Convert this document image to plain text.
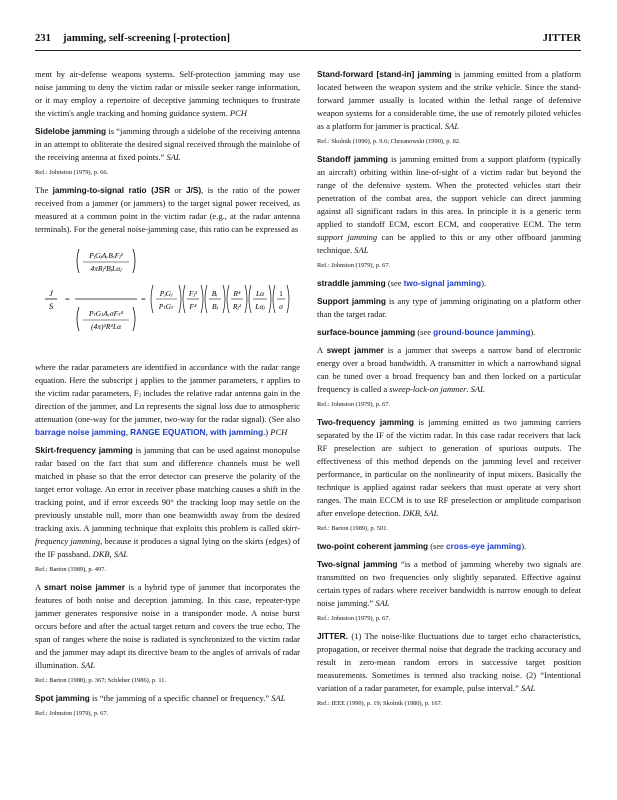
231 jamming, self-screening [-protection]	JITTER

ment by air-defense weapons systems. Self-protection jamming may use noise jamming to deny the victim radar or missile seeker range information, or it may employ a repertoire of deceptive jamming techniques to frustrate the victim's angle tracking and homing guidance system. PCH

Sidelobe jamming is “jamming through a sidelobe of the receiving antenna in an attempt to obliterate the desired signal received through the mainlobe of the receiving antenna at fixed points.” SAL

Ref.: Johnston (1979), p. 66.

The jamming-to-signal ratio (JSR or J/S), is the ratio of the power received from a jammer (or jammers) to the target signal power received, as measured at a common point in the victim radar (e.g., at the radar antenna terminals). For the general noise-jamming case, this ratio can be expressed as

J
S
=
PⱼGⱼAᵣBᵣFⱼ²
4πRⱼ²BⱼLαⱼ
PₜGₜAᵣσFₜ⁴
(4π)²R⁴Lα
=
PⱼGⱼ
PₜGₜ
Fⱼ²
F⁴
Bᵣ
Bⱼ
R⁴
Rⱼ²
Lα
Lαⱼ
1
σ

where the radar parameters are identified in accordance with the radar range equation. Here the subscript j applies to the jammer parameters, r applies to the victim radar parameters, Fⱼ includes the relative radar antenna gain in the direction of the jammer, and Lα represents the signal loss due to atmospheric attenuation (one-way for the jammer, two-way for the radar signal). (See also barrage noise jamming, RANGE EQUATION, with jamming.) PCH

Skirt-frequency jamming is jamming that can be used against monopulse radar based on the fact that sum and difference channels must be well matched in phase so that the error detector can preserve the polarity of the target error voltage. An error in receiver phase matching causes a shift in the tracking point, and if error exceeds 90° the tracking loop may settle on the previously unstable null, more than one beamwidth away from the desired tracking axis. A jamming technique that exploits this problem is called skirt-frequency jamming, because it produces a signal lying on the skirts (edges) of the IF passband. DKB, SAL

Ref.: Barton (1989), p. 497.

A smart noise jammer is a hybrid type of jammer that incorporates the features of both noise and deception jamming. In this case, repeater-type jammer generates responsive noise in a transponder mode. A noise burst occurs before and after the actual target return and covers the true echo. The span of ranges where the noise is radiated is synchronized to the victim radar and the jammer may adapt its directive beam to the angles of arrivals of radar illumination. SAL

Ref.: Barton (1988), p. 367; Schleher (1986), p. 11.

Spot jamming is “the jamming of a specific channel or frequency.” SAL

Ref.: Johnston (1979), p. 67.

Stand-forward [stand-in] jamming is jamming emitted from a platform located between the weapon system and the strike vehicle. Since the stand-forward jammer usually is located within the lethal range of defensive weapon systems for a considerable time, the use of remotely piloted vehicles as a platform for jammer is practical. SAL

Ref.: Skolnik (1990), p. 9.6; Chrzanowski (1990), p. 82.

Standoff jamming is jamming emitted from a support platform (typically an aircraft) orbiting within line-of-sight of a victim radar but beyond the range of the defensive system. When the protected vehicles start their penetration of the combat area, the support vehicle can direct jamming against all significant radars in this area. In principle it is a generic term applied to standoff ECM, escort ECM, and cooperative ECM. The term support jamming can be applied to this or any other offboard jamming technique. SAL

Ref.: Johnston (1979), p. 67.

straddle jamming (see two-signal jamming).

Support jamming is any type of jamming originating on a platform other than the target radar.

surface-bounce jamming (see ground-bounce jamming).

A swept jammer is a jammer that sweeps a narrow band of electronic energy over a broad bandwidth. A transmitter in which a narrowband signal can be tuned over a broad frequency ban and then locked on a particular frequency is called a sweep-lock-on jammer. SAL

Ref.: Johnston (1979), p. 67.

Two-frequency jamming is jamming emitted as two jamming carriers separated by the IF of the victim radar. In this case radar receivers that lack RF preselection are subject to generation of spurious outputs. The effectiveness of this method depends on the jamming level and receiver performance, in particular on the nonlinearity of input mixers. Basically the technique is applied against radar seekers that must operate at very short ranges. The main ECCM is to use RF preselection or amplitude comparison after envelope detection. DKB, SAL

Ref.: Barton (1989), p. 501.

two-point coherent jamming (see cross-eye jamming).

Two-signal jamming “is a method of jamming whereby two signals are transmitted on two frequencies only slightly separated. Effective against certain types of radars where receiver bandwidth is narrow enough to defeat noise jamming.” SAL

Ref.: Johnston (1979), p. 67.

JITTER. (1) The noise-like fluctuations due to target echo characteristics, propagation, or receiver thermal noise that degrade the tracking accuracy and result in zero-mean random errors in successive target position measurements. Sometimes is termed also tracking noise. (2) “Intentional variation of a radar parameter, for example, pulse interval.” SAL

Ref.: IEEE (1990), p. 19; Skolnik (1980), p. 167.
